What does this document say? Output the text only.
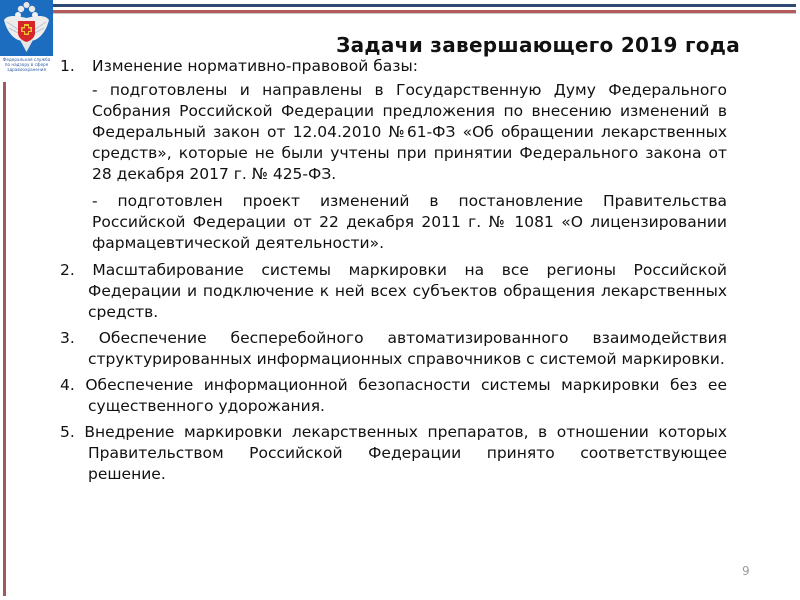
Федеральная служба по надзору в сфере здравоохранения
Задачи завершающего 2019 года
1.	Изменение нормативно-правовой базы:
- подготовлены и направлены в Государственную Думу Федерального Собрания Российской Федерации предложения по внесению изменений в Федеральный закон от 12.04.2010 №61-ФЗ «Об обращении лекарственных средств», которые не были учтены при принятии Федерального закона от 28 декабря 2017 г. № 425-ФЗ.
- подготовлен проект изменений в постановление Правительства Российской Федерации от 22 декабря 2011 г. № 1081 «О лицензировании фармацевтической деятельности».
2. Масштабирование системы маркировки на все регионы Российской Федерации и подключение к ней всех субъектов обращения лекарственных средств.
3. Обеспечение бесперебойного автоматизированного взаимодействия структурированных информационных справочников с системой маркировки.
4. Обеспечение информационной безопасности системы маркировки без ее существенного удорожания.
5. Внедрение маркировки лекарственных препаратов, в отношении которых Правительством Российской Федерации принято соответствующее решение.
9
